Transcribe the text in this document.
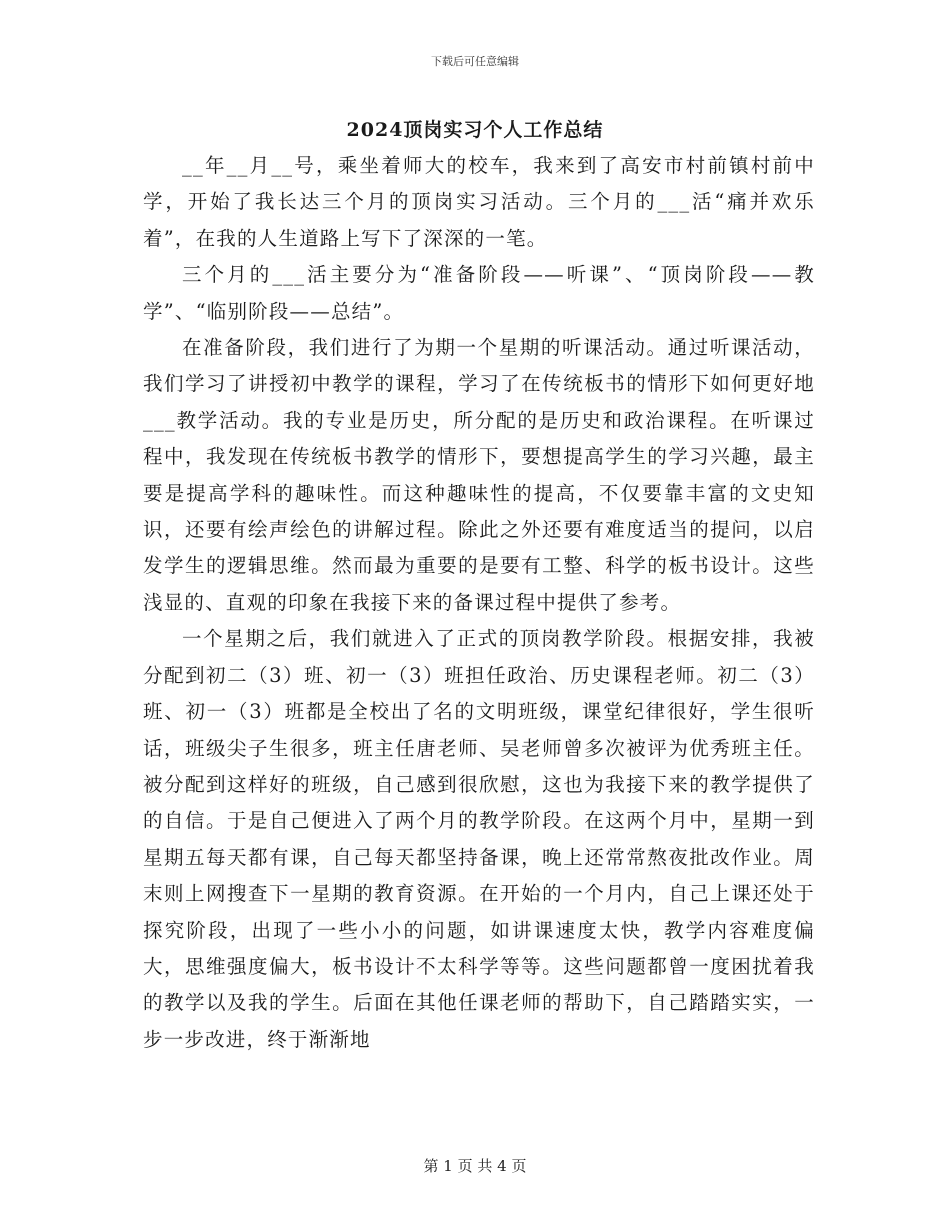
下载后可任意编辑
2024顶岗实习个人工作总结

__年__月__号，乘坐着师大的校车，我来到了高安市村前镇村前中学，开始了我长达三个月的顶岗实习活动。三个月的___活“痛并欢乐着”，在我的人生道路上写下了深深的一笔。

三个月的___活主要分为“准备阶段——听课”、“顶岗阶段——教学”、“临别阶段——总结”。

在准备阶段，我们进行了为期一个星期的听课活动。通过听课活动，我们学习了讲授初中教学的课程，学习了在传统板书的情形下如何更好地___教学活动。我的专业是历史，所分配的是历史和政治课程。在听课过程中，我发现在传统板书教学的情形下，要想提高学生的学习兴趣，最主要是提高学科的趣味性。而这种趣味性的提高，不仅要靠丰富的文史知识，还要有绘声绘色的讲解过程。除此之外还要有难度适当的提问，以启发学生的逻辑思维。然而最为重要的是要有工整、科学的板书设计。这些浅显的、直观的印象在我接下来的备课过程中提供了参考。

一个星期之后，我们就进入了正式的顶岗教学阶段。根据安排，我被分配到初二（3）班、初一（3）班担任政治、历史课程老师。初二（3）班、初一（3）班都是全校出了名的文明班级，课堂纪律很好，学生很听话，班级尖子生很多，班主任唐老师、吴老师曾多次被评为优秀班主任。被分配到这样好的班级，自己感到很欣慰，这也为我接下来的教学提供了的自信。于是自己便进入了两个月的教学阶段。在这两个月中，星期一到星期五每天都有课，自己每天都坚持备课，晚上还常常熬夜批改作业。周末则上网搜查下一星期的教育资源。在开始的一个月内，自己上课还处于探究阶段，出现了一些小小的问题，如讲课速度太快，教学内容难度偏大，思维强度偏大，板书设计不太科学等等。这些问题都曾一度困扰着我的教学以及我的学生。后面在其他任课老师的帮助下，自己踏踏实实，一步一步改进，终于渐渐地

第 1 页 共 4 页
